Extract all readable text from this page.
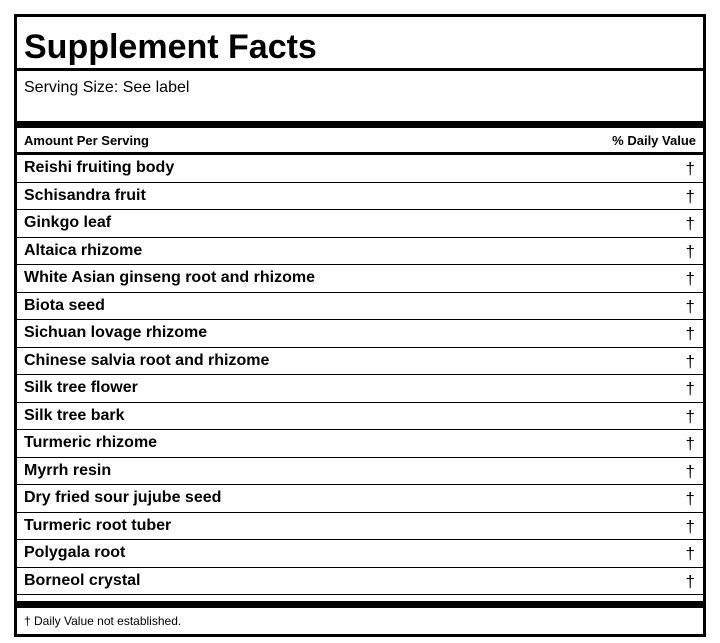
Supplement Facts
Serving Size: See label
Amount Per Serving	% Daily Value
Reishi fruiting body	†
Schisandra fruit	†
Ginkgo leaf	†
Altaica rhizome	†
White Asian ginseng root and rhizome	†
Biota seed	†
Sichuan lovage rhizome	†
Chinese salvia root and rhizome	†
Silk tree flower	†
Silk tree bark	†
Turmeric rhizome	†
Myrrh resin	†
Dry fried sour jujube seed	†
Turmeric root tuber	†
Polygala root	†
Borneol crystal	†
† Daily Value not established.
